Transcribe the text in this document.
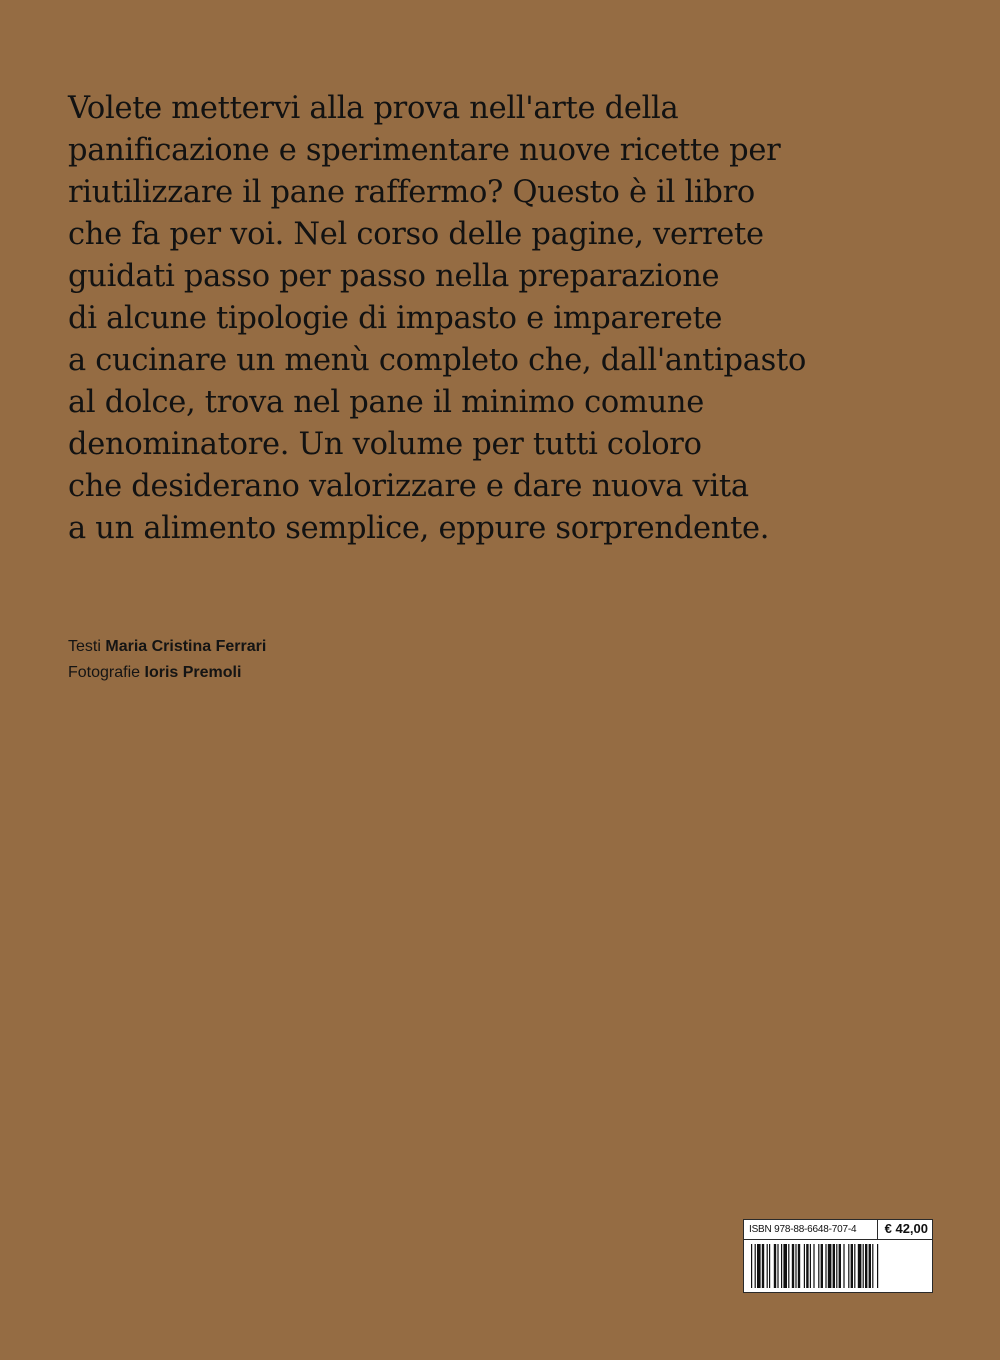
Volete mettervi alla prova nell'arte della
panificazione e sperimentare nuove ricette per
riutilizzare il pane raffermo? Questo è il libro
che fa per voi. Nel corso delle pagine, verrete
guidati passo per passo nella preparazione
di alcune tipologie di impasto e imparerete
a cucinare un menù completo che, dall'antipasto
al dolce, trova nel pane il minimo comune
denominatore. Un volume per tutti coloro
che desiderano valorizzare e dare nuova vita
a un alimento semplice, eppure sorprendente.
Testi Maria Cristina Ferrari
Fotografie Ioris Premoli
ISBN 978-88-6648-707-4 € 42,00
